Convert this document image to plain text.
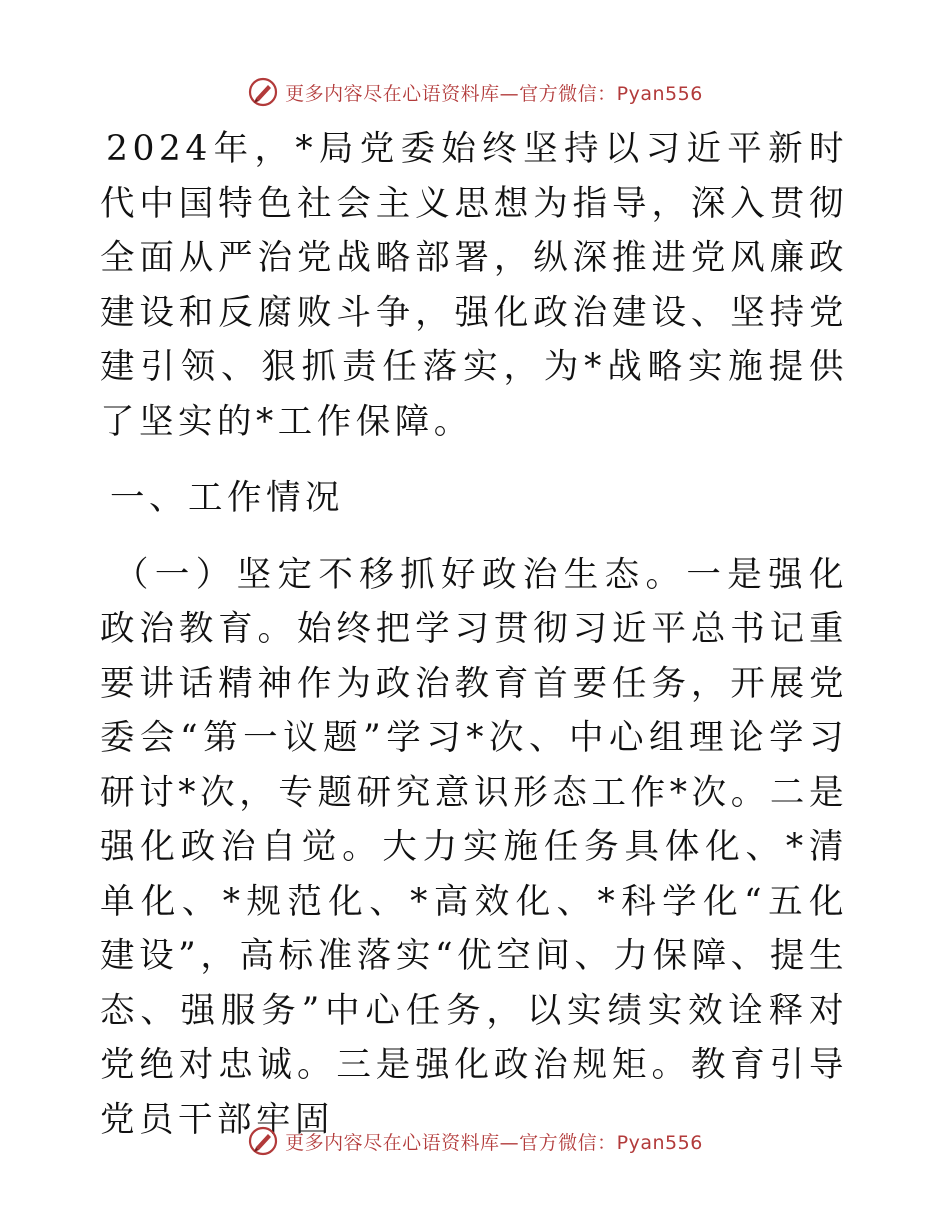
更多内容尽在心语资料库—官方微信：Pyan556

2024年，*局党委始终坚持以习近平新时代中国特色社会主义思想为指导，深入贯彻全面从严治党战略部署，纵深推进党风廉政建设和反腐败斗争，强化政治建设、坚持党建引领、狠抓责任落实，为*战略实施提供了坚实的*工作保障。

一、工作情况

（一）坚定不移抓好政治生态。一是强化政治教育。始终把学习贯彻习近平总书记重要讲话精神作为政治教育首要任务，开展党委会“第一议题”学习*次、中心组理论学习研讨*次，专题研究意识形态工作*次。二是强化政治自觉。大力实施任务具体化、*清单化、*规范化、*高效化、*科学化“五化建设”，高标准落实“优空间、力保障、提生态、强服务”中心任务，以实绩实效诠释对党绝对忠诚。三是强化政治规矩。教育引导党员干部牢固

更多内容尽在心语资料库—官方微信：Pyan556
